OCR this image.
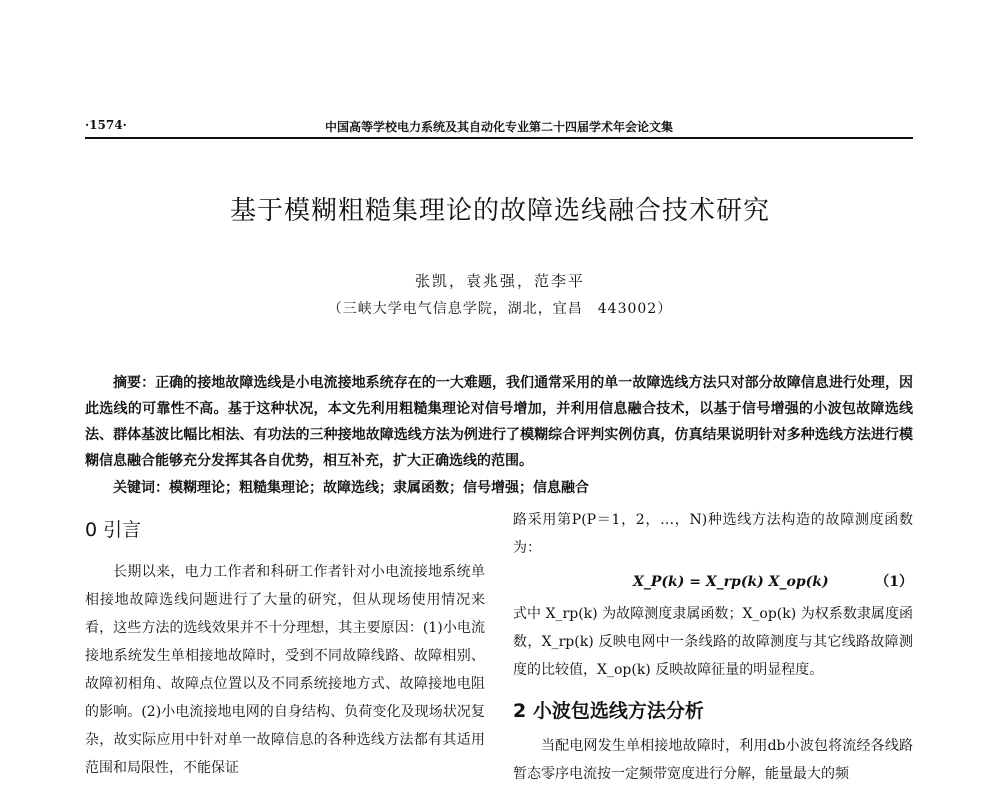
·1574·	中国高等学校电力系统及其自动化专业第二十四届学术年会论文集
基于模糊粗糙集理论的故障选线融合技术研究
张凯，袁兆强，范李平
（三峡大学电气信息学院，湖北，宜昌　443002）
摘要：正确的接地故障选线是小电流接地系统存在的一大难题，我们通常采用的单一故障选线方法只对部分故障信息进行处理，因此选线的可靠性不高。基于这种状况，本文先利用粗糙集理论对信号增加，并利用信息融合技术，以基于信号增强的小波包故障选线法、群体基波比幅比相法、有功法的三种接地故障选线方法为例进行了模糊综合评判实例仿真，仿真结果说明针对多种选线方法进行模糊信息融合能够充分发挥其各自优势，相互补充，扩大正确选线的范围。
关键词：模糊理论；粗糙集理论；故障选线；隶属函数；信号增强；信息融合
0 引言

长期以来，电力工作者和科研工作者针对小电流接地系统单相接地故障选线问题进行了大量的研究，但从现场使用情况来看，这些方法的选线效果并不十分理想，其主要原因：(1)小电流接地系统发生单相接地故障时，受到不同故障线路、故障相别、故障初相角、故障点位置以及不同系统接地方式、故障接地电阻的影响。(2)小电流接地电网的自身结构、负荷变化及现场状况复杂，故实际应用中针对单一故障信息的各种选线方法都有其适用范围和局限性，不能保证

路采用第P(P＝1，2，…，N)种选线方法构造的故障测度函数为：

X_P(k) = X_rp(k) X_op(k)	（1）

式中 X_rp(k) 为故障测度隶属函数；X_op(k) 为权系数隶属度函数，X_rp(k) 反映电网中一条线路的故障测度与其它线路故障测度的比较值，X_op(k) 反映故障征量的明显程度。

2 小波包选线方法分析

当配电网发生单相接地故障时，利用db小波包将流经各线路暂态零序电流按一定频带宽度进行分解，能量最大的频
